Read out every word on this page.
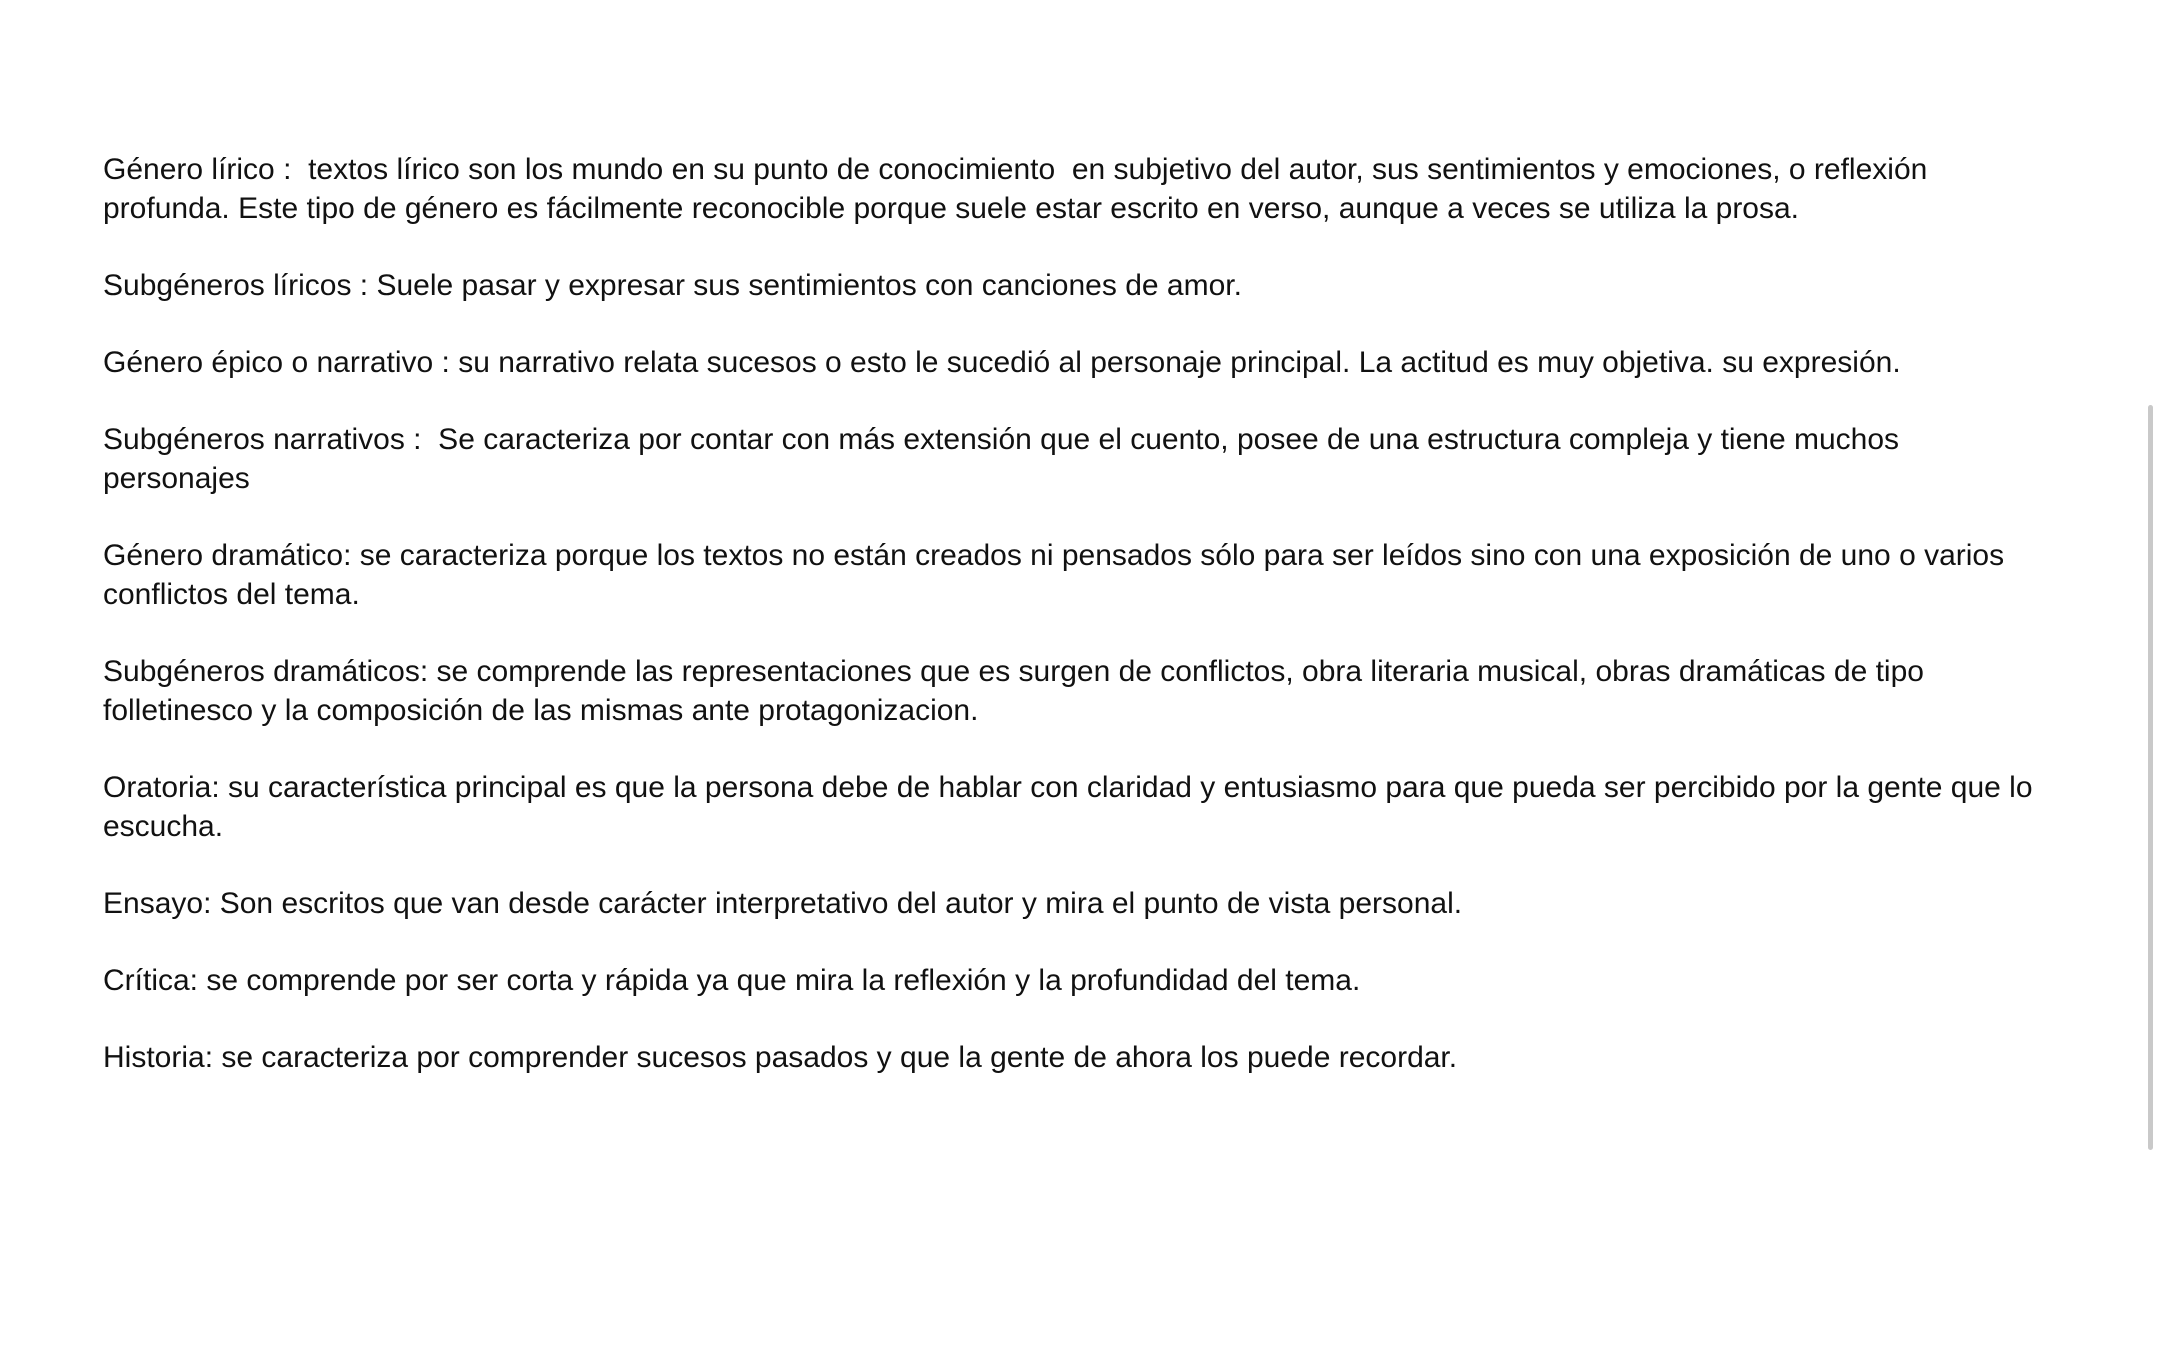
Género lírico :  textos lírico son los mundo en su punto de conocimiento  en subjetivo del autor, sus sentimientos y emociones, o reflexión profunda. Este tipo de género es fácilmente reconocible porque suele estar escrito en verso, aunque a veces se utiliza la prosa.

Subgéneros líricos : Suele pasar y expresar sus sentimientos con canciones de amor.

Género épico o narrativo : su narrativo relata sucesos o esto le sucedió al personaje principal. La actitud es muy objetiva. su expresión.

Subgéneros narrativos :  Se caracteriza por contar con más extensión que el cuento, posee de una estructura compleja y tiene muchos personajes

Género dramático: se caracteriza porque los textos no están creados ni pensados sólo para ser leídos sino con una exposición de uno o varios conflictos del tema.

Subgéneros dramáticos: se comprende las representaciones que es surgen de conflictos, obra literaria musical, obras dramáticas de tipo folletinesco y la composición de las mismas ante protagonizacion.

Oratoria: su característica principal es que la persona debe de hablar con claridad y entusiasmo para que pueda ser percibido por la gente que lo escucha.

Ensayo: Son escritos que van desde carácter interpretativo del autor y mira el punto de vista personal.

Crítica: se comprende por ser corta y rápida ya que mira la reflexión y la profundidad del tema.

Historia: se caracteriza por comprender sucesos pasados y que la gente de ahora los puede recordar.
